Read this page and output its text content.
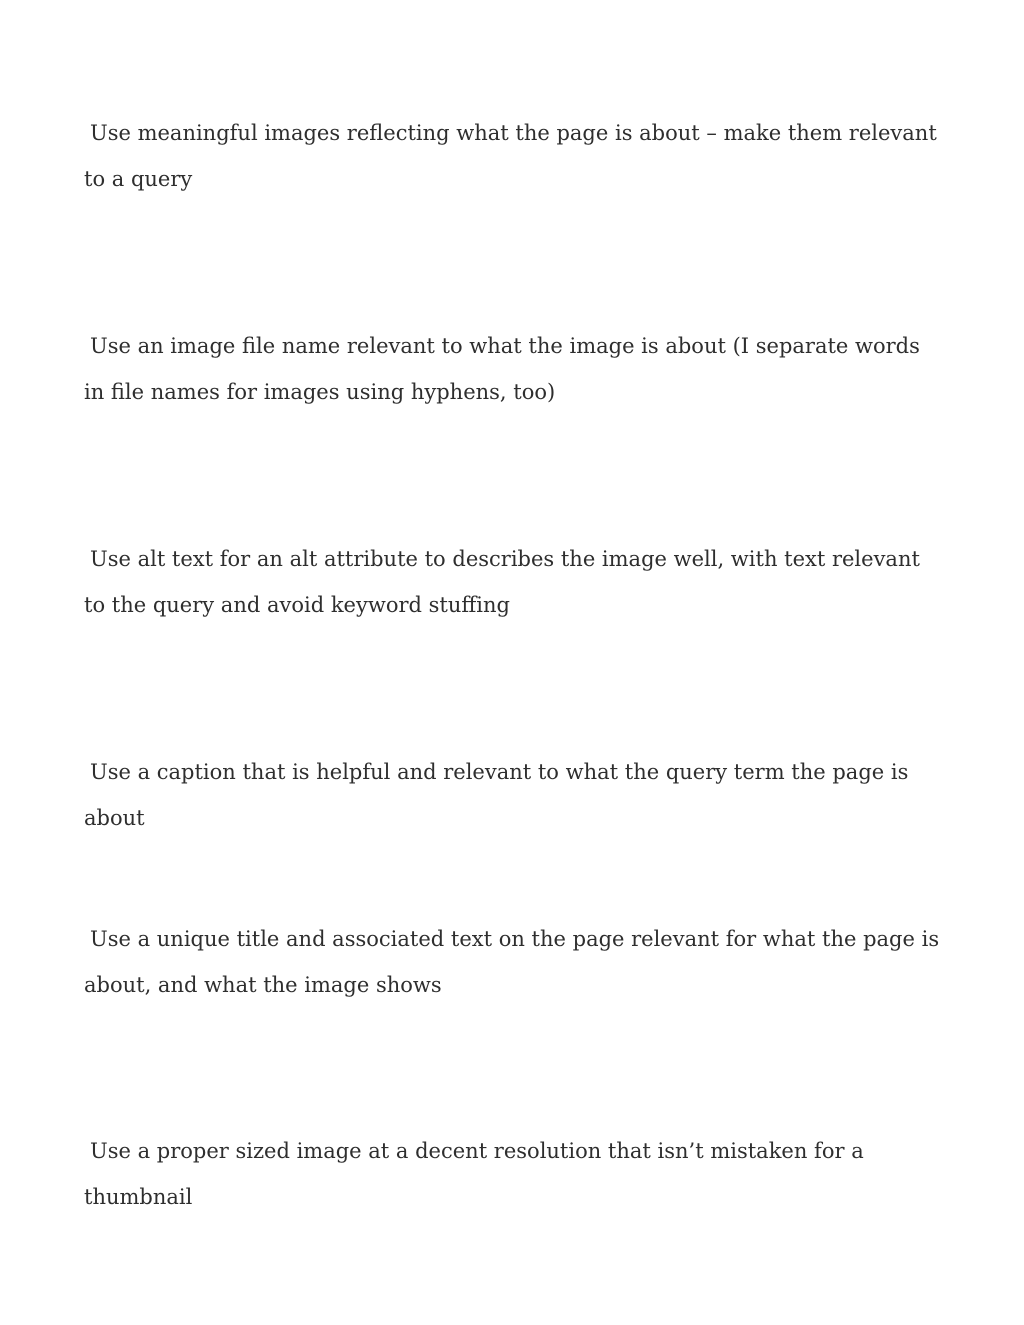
Use meaningful images reflecting what the page is about – make them relevant to a query

Use an image file name relevant to what the image is about (I separate words in file names for images using hyphens, too)

Use alt text for an alt attribute to describes the image well, with text relevant to the query and avoid keyword stuffing

Use a caption that is helpful and relevant to what the query term the page is about

Use a unique title and associated text on the page relevant for what the page is about, and what the image shows

Use a proper sized image at a decent resolution that isn’t mistaken for a thumbnail
